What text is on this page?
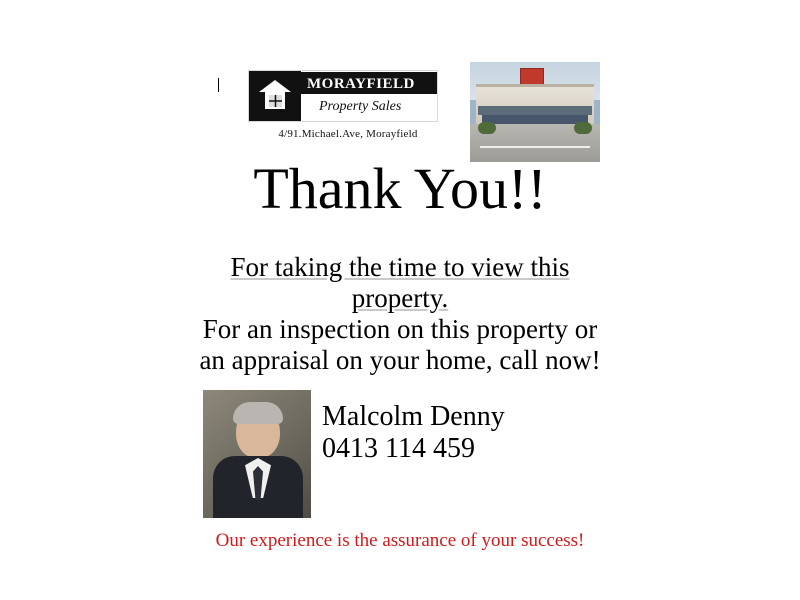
MORAYFIELD
Property Sales
4/91.Michael.Ave, Morayfield
Thank You!!
For taking the time to view this
property.
For an inspection on this property or
an appraisal on your home, call now!
Malcolm Denny
0413 114 459
Our experience is the assurance of your success!
